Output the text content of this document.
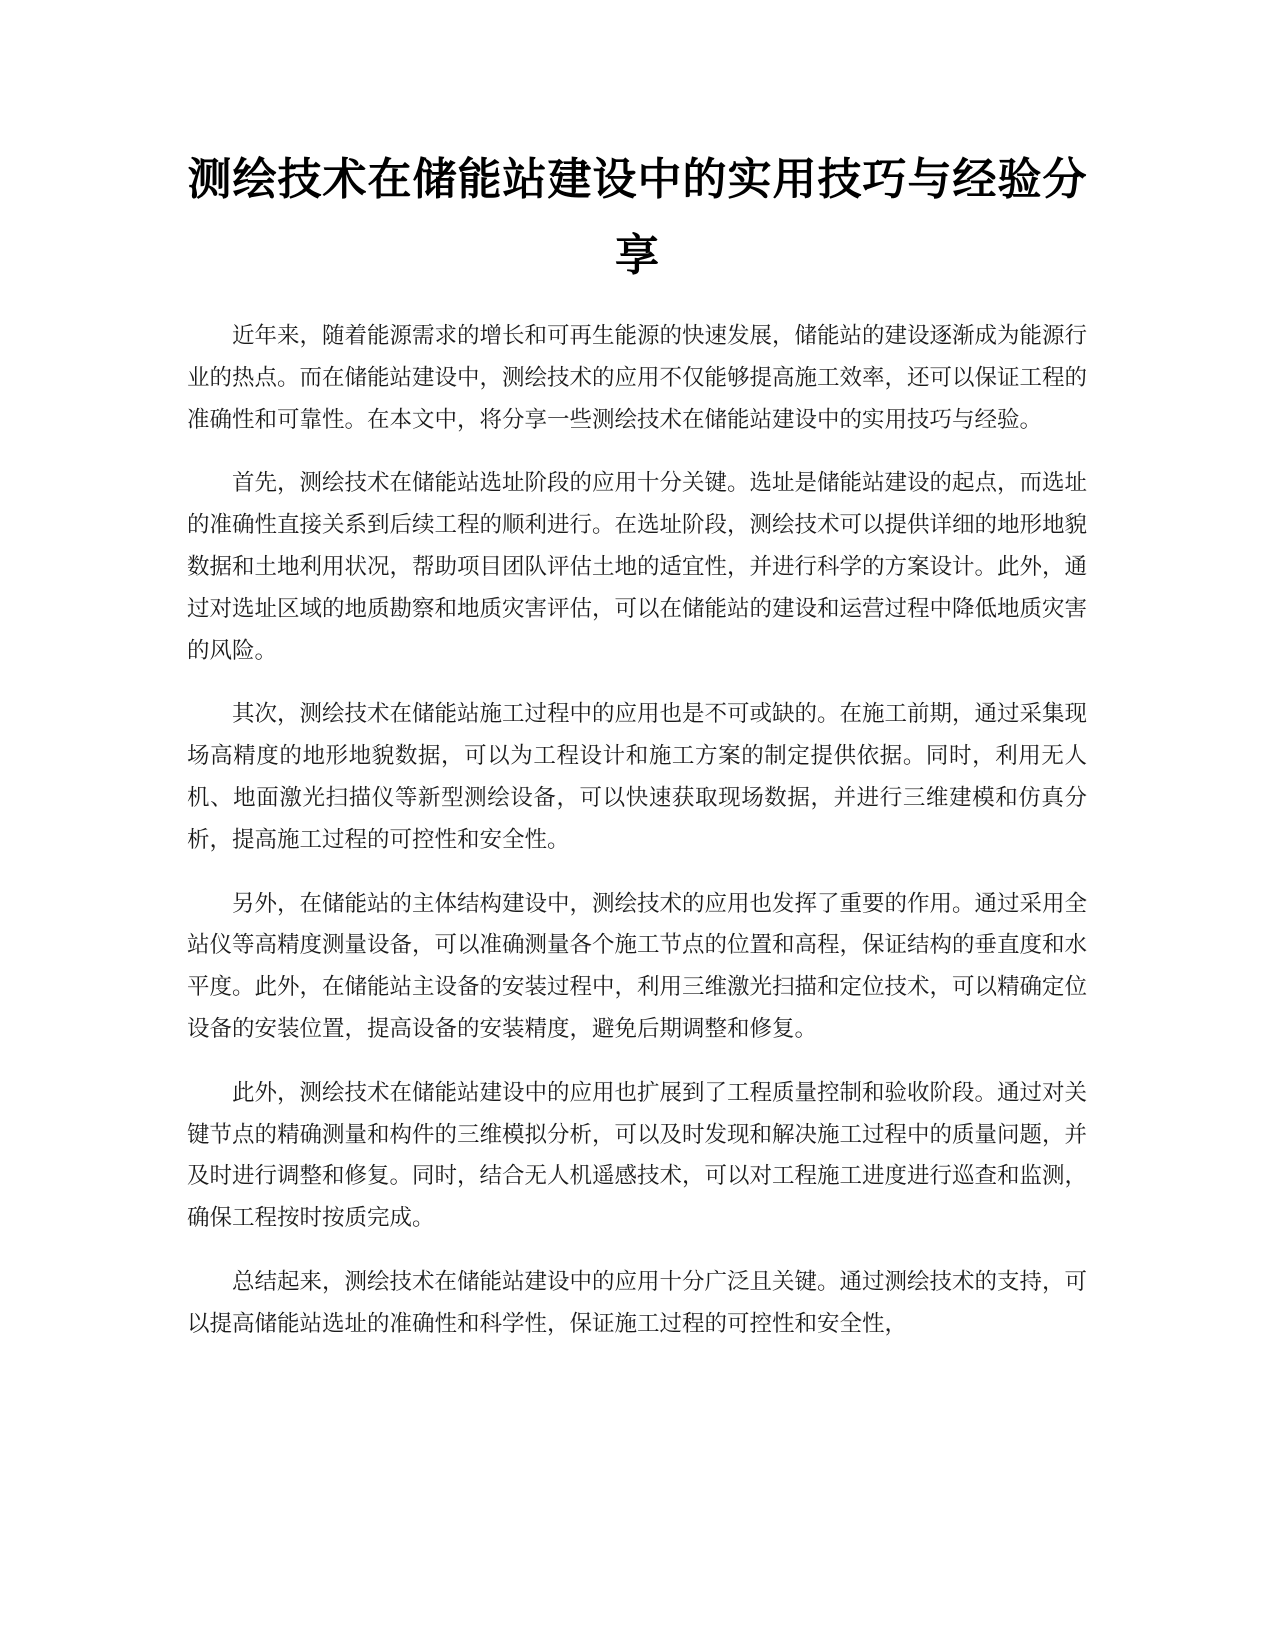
测绘技术在储能站建设中的实用技巧与经验分享

近年来，随着能源需求的增长和可再生能源的快速发展，储能站的建设逐渐成为能源行业的热点。而在储能站建设中，测绘技术的应用不仅能够提高施工效率，还可以保证工程的准确性和可靠性。在本文中，将分享一些测绘技术在储能站建设中的实用技巧与经验。

首先，测绘技术在储能站选址阶段的应用十分关键。选址是储能站建设的起点，而选址的准确性直接关系到后续工程的顺利进行。在选址阶段，测绘技术可以提供详细的地形地貌数据和土地利用状况，帮助项目团队评估土地的适宜性，并进行科学的方案设计。此外，通过对选址区域的地质勘察和地质灾害评估，可以在储能站的建设和运营过程中降低地质灾害的风险。

其次，测绘技术在储能站施工过程中的应用也是不可或缺的。在施工前期，通过采集现场高精度的地形地貌数据，可以为工程设计和施工方案的制定提供依据。同时，利用无人机、地面激光扫描仪等新型测绘设备，可以快速获取现场数据，并进行三维建模和仿真分析，提高施工过程的可控性和安全性。

另外，在储能站的主体结构建设中，测绘技术的应用也发挥了重要的作用。通过采用全站仪等高精度测量设备，可以准确测量各个施工节点的位置和高程，保证结构的垂直度和水平度。此外，在储能站主设备的安装过程中，利用三维激光扫描和定位技术，可以精确定位设备的安装位置，提高设备的安装精度，避免后期调整和修复。

此外，测绘技术在储能站建设中的应用也扩展到了工程质量控制和验收阶段。通过对关键节点的精确测量和构件的三维模拟分析，可以及时发现和解决施工过程中的质量问题，并及时进行调整和修复。同时，结合无人机遥感技术，可以对工程施工进度进行巡查和监测，确保工程按时按质完成。

总结起来，测绘技术在储能站建设中的应用十分广泛且关键。通过测绘技术的支持，可以提高储能站选址的准确性和科学性，保证施工过程的可控性和安全性，
